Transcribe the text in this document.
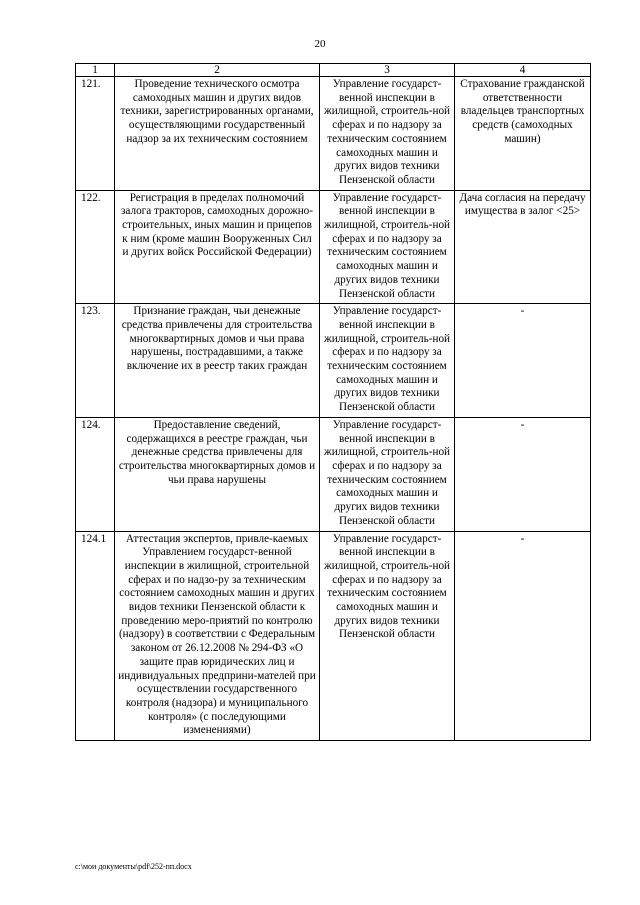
20
1	2	3	4
121.	Проведение технического осмотра самоходных машин и других видов техники, зарегистрированных органами, осуществляющими государственный надзор за их техническим состоянием	Управление государст-венной инспекции в жилищной, строитель-ной сферах и по надзору за техническим состоянием самоходных машин и других видов техники Пензенской области	Страхование гражданской ответственности владельцев транспортных средств (самоходных машин)
122.	Регистрация в пределах полномочий залога тракторов, самоходных дорожно-строительных, иных машин и прицепов к ним (кроме машин Вооруженных Сил и других войск Российской Федерации)	Управление государст-венной инспекции в жилищной, строитель-ной сферах и по надзору за техническим состоянием самоходных машин и других видов техники Пензенской области	Дача согласия на передачу имущества в залог <25>
123.	Признание граждан, чьи денежные средства привлечены для строительства многоквартирных домов и чьи права нарушены, пострадавшими, а также включение их в реестр таких граждан	Управление государст-венной инспекции в жилищной, строитель-ной сферах и по надзору за техническим состоянием самоходных машин и других видов техники Пензенской области	-
124.	Предоставление сведений, содержащихся в реестре граждан, чьи денежные средства привлечены для строительства многоквартирных домов и чьи права нарушены	Управление государст-венной инспекции в жилищной, строитель-ной сферах и по надзору за техническим состоянием самоходных машин и других видов техники Пензенской области	-
124.1	Аттестация экспертов, привле-каемых Управлением государст-венной инспекции в жилищной, строительной сферах и по надзо-ру за техническим состоянием самоходных машин и других видов техники Пензенской области к проведению меро-приятий по контролю (надзору) в соответствии с Федеральным законом от 26.12.2008 № 294-ФЗ «О защите прав юридических лиц и индивидуальных предприни-мателей при осуществлении государственного контроля (надзора) и муниципального контроля» (с последующими изменениями)	Управление государст-венной инспекции в жилищной, строитель-ной сферах и по надзору за техническим состоянием самоходных машин и других видов техники Пензенской области	-
c:\мои документы\pdf\252-пп.docx
